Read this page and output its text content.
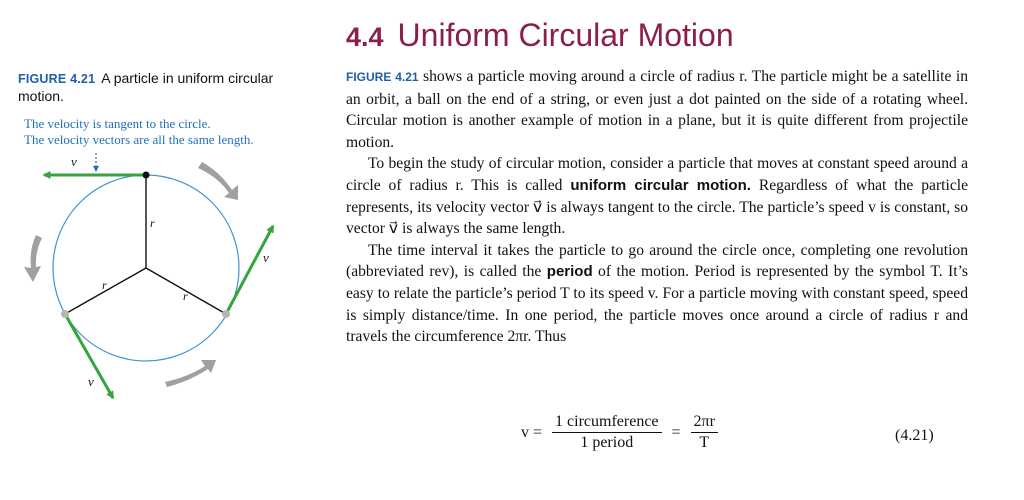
FIGURE 4.21 A particle in uniform circular motion.
The velocity is tangent to the circle.
The velocity vectors are all the same length.
v⃗
v⃗
v⃗
r
r
r
4.4 Uniform Circular Motion

FIGURE 4.21 shows a particle moving around a circle of radius r. The particle might be a satellite in an orbit, a ball on the end of a string, or even just a dot painted on the side of a rotating wheel. Circular motion is another example of motion in a plane, but it is quite different from projectile motion.

To begin the study of circular motion, consider a particle that moves at constant speed around a circle of radius r. This is called uniform circular motion. Regardless of what the particle represents, its velocity vector v⃗ is always tangent to the circle. The particle’s speed v is constant, so vector v⃗ is always the same length.

The time interval it takes the particle to go around the circle once, completing one revolution (abbreviated rev), is called the period of the motion. Period is represented by the symbol T. It’s easy to relate the particle’s period T to its speed v. For a particle moving with constant speed, speed is simply distance/time. In one period, the particle moves once around a circle of radius r and travels the circumference 2πr. Thus

$v = \frac{\text{1 circumference}}{\text{1 period}} = \frac{2\pi r}{T}$	(4.21)
